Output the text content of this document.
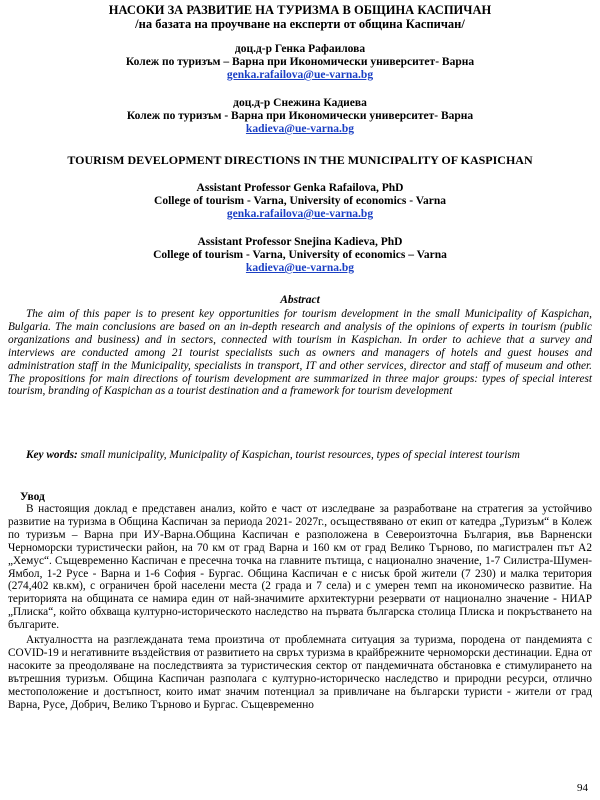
НАСОКИ ЗА РАЗВИТИЕ НА ТУРИЗМА В ОБЩИНА КАСПИЧАН
/на базата на проучване на експерти от община Каспичан/
доц.д-р Генка Рафаилова
Колеж по туризъм – Варна при Икономически университет- Варна
genka.rafailova@ue-varna.bg
доц.д-р Снежина Кадиева
Колеж по туризъм - Варна при Икономически университет- Варна
kadieva@ue-varna.bg
TOURISM DEVELOPMENT DIRECTIONS IN THE MUNICIPALITY OF KASPICHAN
Assistant Professor Genka Rafailova, PhD
College of tourism - Varna, University of economics - Varna
genka.rafailova@ue-varna.bg
Assistant Professor Snejina Kadieva, PhD
College of tourism - Varna, University of economics – Varna
kadieva@ue-varna.bg
Abstract

The aim of this paper is to present key opportunities for tourism development in the small Municipality of Kaspichan, Bulgaria. The main conclusions are based on an in-depth research and analysis of the opinions of experts in tourism (public organizations and business) and in sectors, connected with tourism in Kaspichan. In order to achieve that a survey and interviews are conducted among 21 tourist specialists such as owners and managers of hotels and guest houses and administration staff in the Municipality, specialists in transport, IT and other services, director and staff of museum and other. The propositions for main directions of tourism development are summarized in three major groups: types of special interest tourism, branding of Kaspichan as a tourist destination and a framework for tourism development

Key words: small municipality, Municipality of Kaspichan, tourist resources, types of special interest tourism
Увод

В настоящия доклад е представен анализ, който е част от изследване за разработване на стратегия за устойчиво развитие на туризма в Община Каспичан за периода 2021- 2027г., осъществявано от екип от катедра „Туризъм“ в Колеж по туризъм – Варна при ИУ-Варна.Община Каспичан е разположена в Североизточна България, във Варненски Черноморски туристически район, на 70 км от град Варна и 160 км от град Велико Търново, по магистрален път А2 „Хемус“. Същевременно Каспичан е пресечна точка на главните пътища, с национално значение, 1-7 Силистра-Шумен-Ямбол, 1-2 Русе - Варна и 1-6 София - Бургас. Община Каспичан е с нисък брой жители (7 230) и малка територия (274,402 кв.км), с ограничен брой населени места (2 града и 7 села) и с умерен темп на икономическо развитие. На територията на общината се намира един от най-значимите архитектурни резервати от национално значение - НИАР „Плиска“, който обхваща културно-историческото наследство на първата българска столица Плиска и покръстването на българите.

Актуалността на разглежданата тема произтича от проблемната ситуация за туризма, породена от пандемията с COVID-19 и негативните въздействия от развитието на свръх туризма в крайбрежните черноморски дестинации. Една от насоките за преодоляване на последствията за туристическия сектор от пандемичната обстановка е стимулирането на вътрешния туризъм. Община Каспичан разполага с културно-историческо наследство и природни ресурси, отлично местоположение и достъпност, които имат значим потенциал за привличане на български туристи - жители от град Варна, Русе, Добрич, Велико Търново и Бургас. Същевременно

94
